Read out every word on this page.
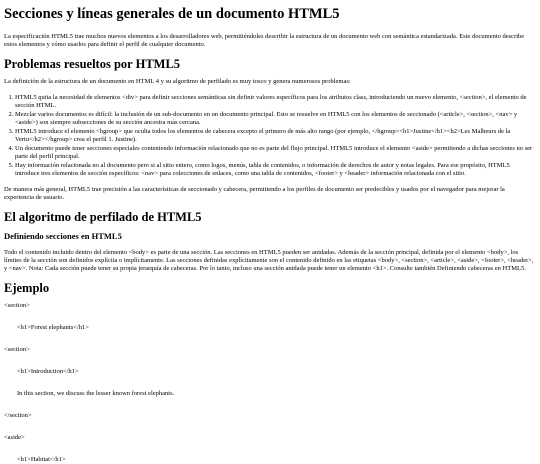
Secciones y líneas generales de un documento HTML5

La especificación HTML5 trae muchos nuevos elementos a los desarrolladores web, permitiéndoles describir la estructura de un documento web con semántica estandarizada. Este documento describe estos elementos y cómo usarlos para definir el perfil de cualquier documento.

Problemas resueltos por HTML5

La definición de la estructura de un documento en HTML 4 y su algoritmo de perfilado es muy tosco y genera numerosos problemas:

1. HTML5 quita la necesidad de elementos <div> para definir secciones semánticas sin definir valores específicos para los atributos class, introduciendo un nuevo elemento, <section>, el elemento de sección HTML.
2. Mezclar varios documentos es difícil: la inclusión de un sub-documento en un documento principal. Esto se resuelve en HTML5 con los elementos de seccionado (<article>, <section>, <nav> y <aside>) son siempre subsecciones de su sección ancestra más cercana.
3. HTML5 introduce el elemento <hgroup> que oculta todos los elementos de cabecera excepto el primero de más alto rango (por ejemplo, </hgroup><h1>Justine</h1><h2>Les Malheurs de la Vertu</h2></hgroup> crea el perfil 1. Justine).
4. Un documento puede tener secciones especiales conteniendo información relacionado que no es parte del flujo principal. HTML5 introduce el elemento <aside> permitiendo a dichas secciones no ser parte del perfil principal.
5. Hay información relacionada no al documento pero si al sitio entero, como logos, menús, tabla de contenidos, o información de derechos de autor y notas legales. Para ese propósito, HTML5 introduce tres elementos de sección específicos: <nav> para colecciones de enlaces, como una tabla de contenidos, <footer> y <header> información relacionada con el sitio.

De manera más general, HTML5 trae precisión a las características de seccionado y cabecera, permitiendo a los perfiles de documento ser predecibles y usados por el navegador para mejorar la experiencia de usuario.

El algoritmo de perfilado de HTML5
Definiendo secciones en HTML5

Todo el contenido incluido dentro del elemento <body> es parte de una sección. Las secciones en HTML5 pueden ser anidadas. Además de la sección principal, definida por el elemento <body>, los límites de la sección son definidos explícita o implícitamente. Las secciones definidas explícitamente son el contenido definido en las etiquetas <body>, <section>, <article>, <aside>, <footer>, <header>, y <nav>. Nota: Cada sección puede tener su propia jerarquía de cabeceras. Por lo tanto, incluso una sección anidada puede tener un elemento <h1>. Consulte también Definiendo cabeceras en HTML5.

Ejemplo

<section>

<h1>Forest elephants</h1>

<section>

<h1>Introduction</h1>

In this section, we discuss the lesser known forest elephants.

</section>

<aside>

<h1>Habitat</h1>
